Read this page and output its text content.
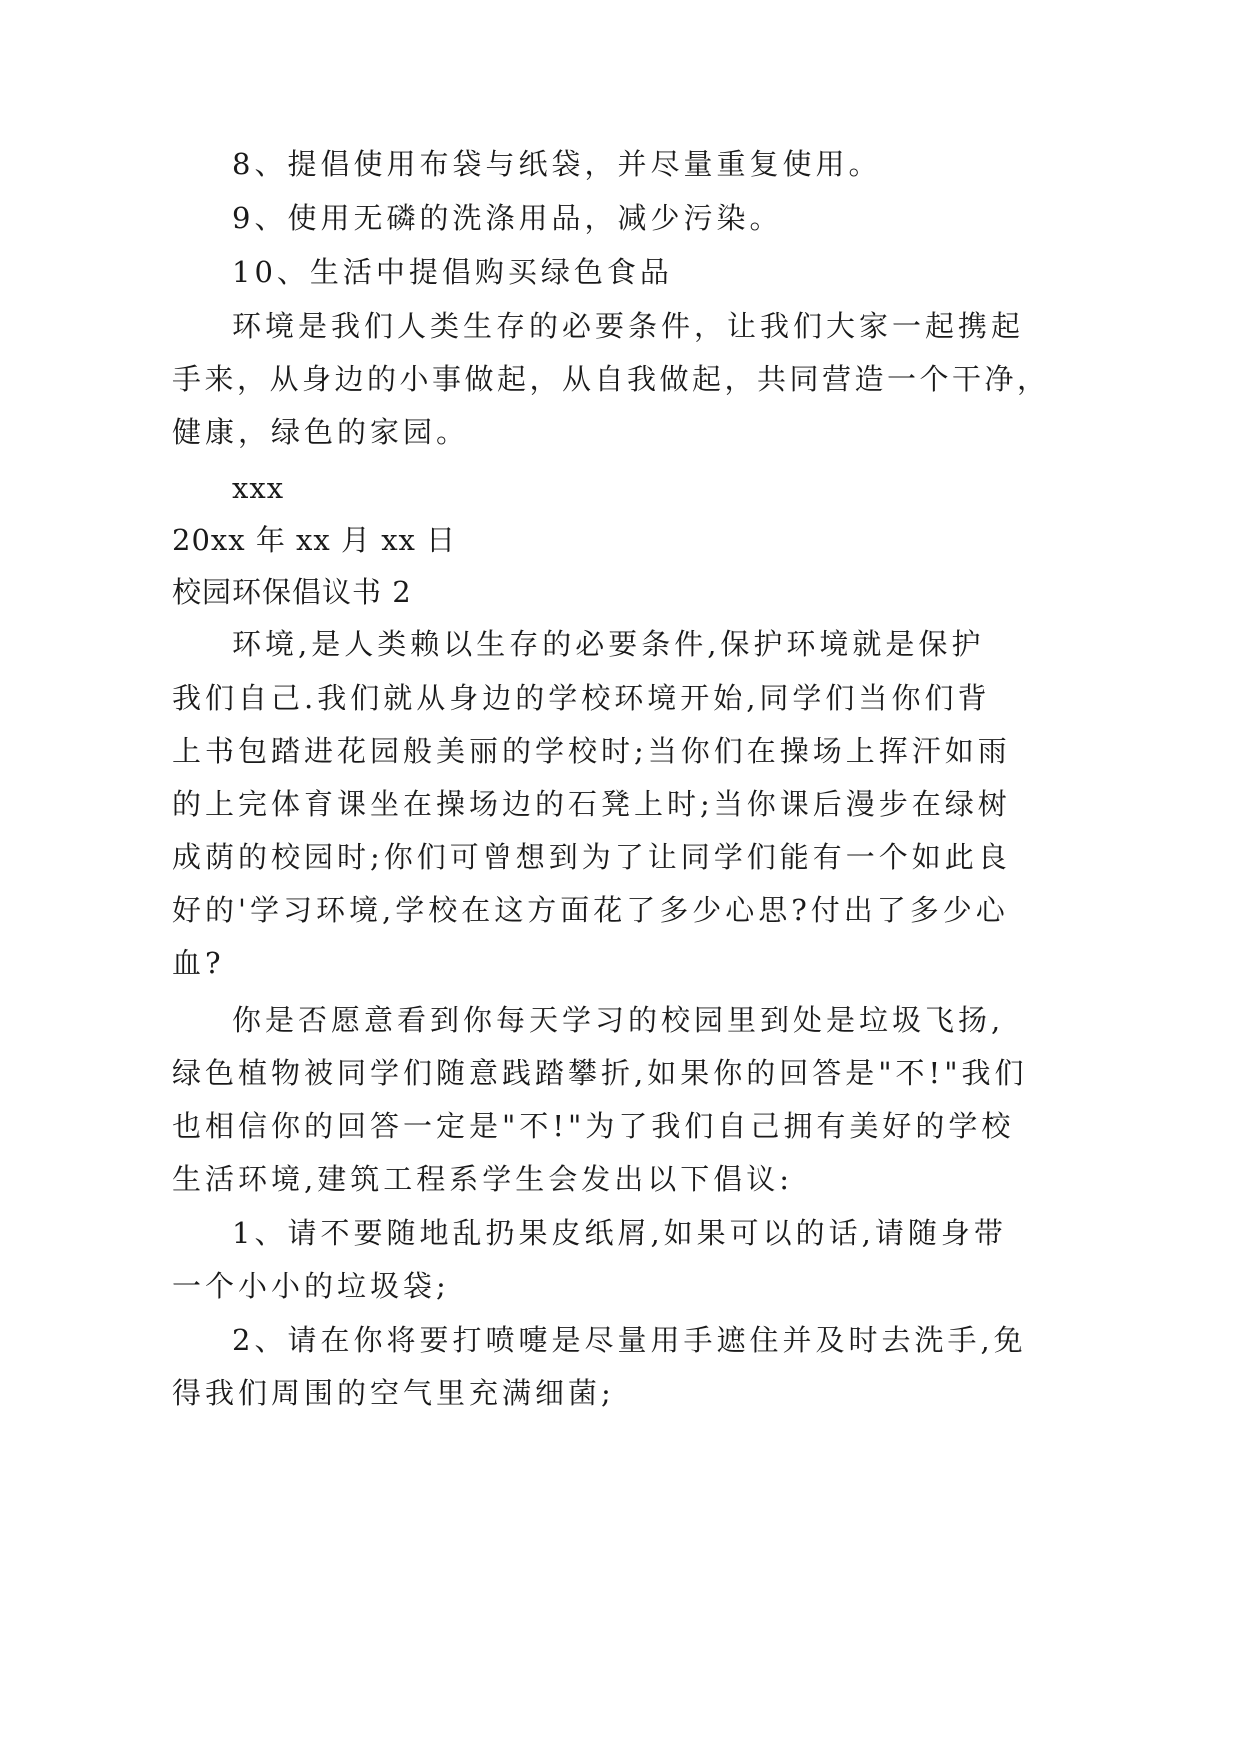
8、提倡使用布袋与纸袋，并尽量重复使用。

9、使用无磷的洗涤用品，减少污染。

10、生活中提倡购买绿色食品

环境是我们人类生存的必要条件，让我们大家一起携起

手来，从身边的小事做起，从自我做起，共同营造一个干净，

健康，绿色的家园。

xxx

20xx 年 xx 月 xx 日

校园环保倡议书 2

环境,是人类赖以生存的必要条件,保护环境就是保护

我们自己.我们就从身边的学校环境开始,同学们当你们背

上书包踏进花园般美丽的学校时;当你们在操场上挥汗如雨

的上完体育课坐在操场边的石凳上时;当你课后漫步在绿树

成荫的校园时;你们可曾想到为了让同学们能有一个如此良

好的'学习环境,学校在这方面花了多少心思?付出了多少心

血?

你是否愿意看到你每天学习的校园里到处是垃圾飞扬,

绿色植物被同学们随意践踏攀折,如果你的回答是"不!"我们

也相信你的回答一定是"不!"为了我们自己拥有美好的学校

生活环境,建筑工程系学生会发出以下倡议:

1、请不要随地乱扔果皮纸屑,如果可以的话,请随身带

一个小小的垃圾袋;

2、请在你将要打喷嚏是尽量用手遮住并及时去洗手,免

得我们周围的空气里充满细菌;
